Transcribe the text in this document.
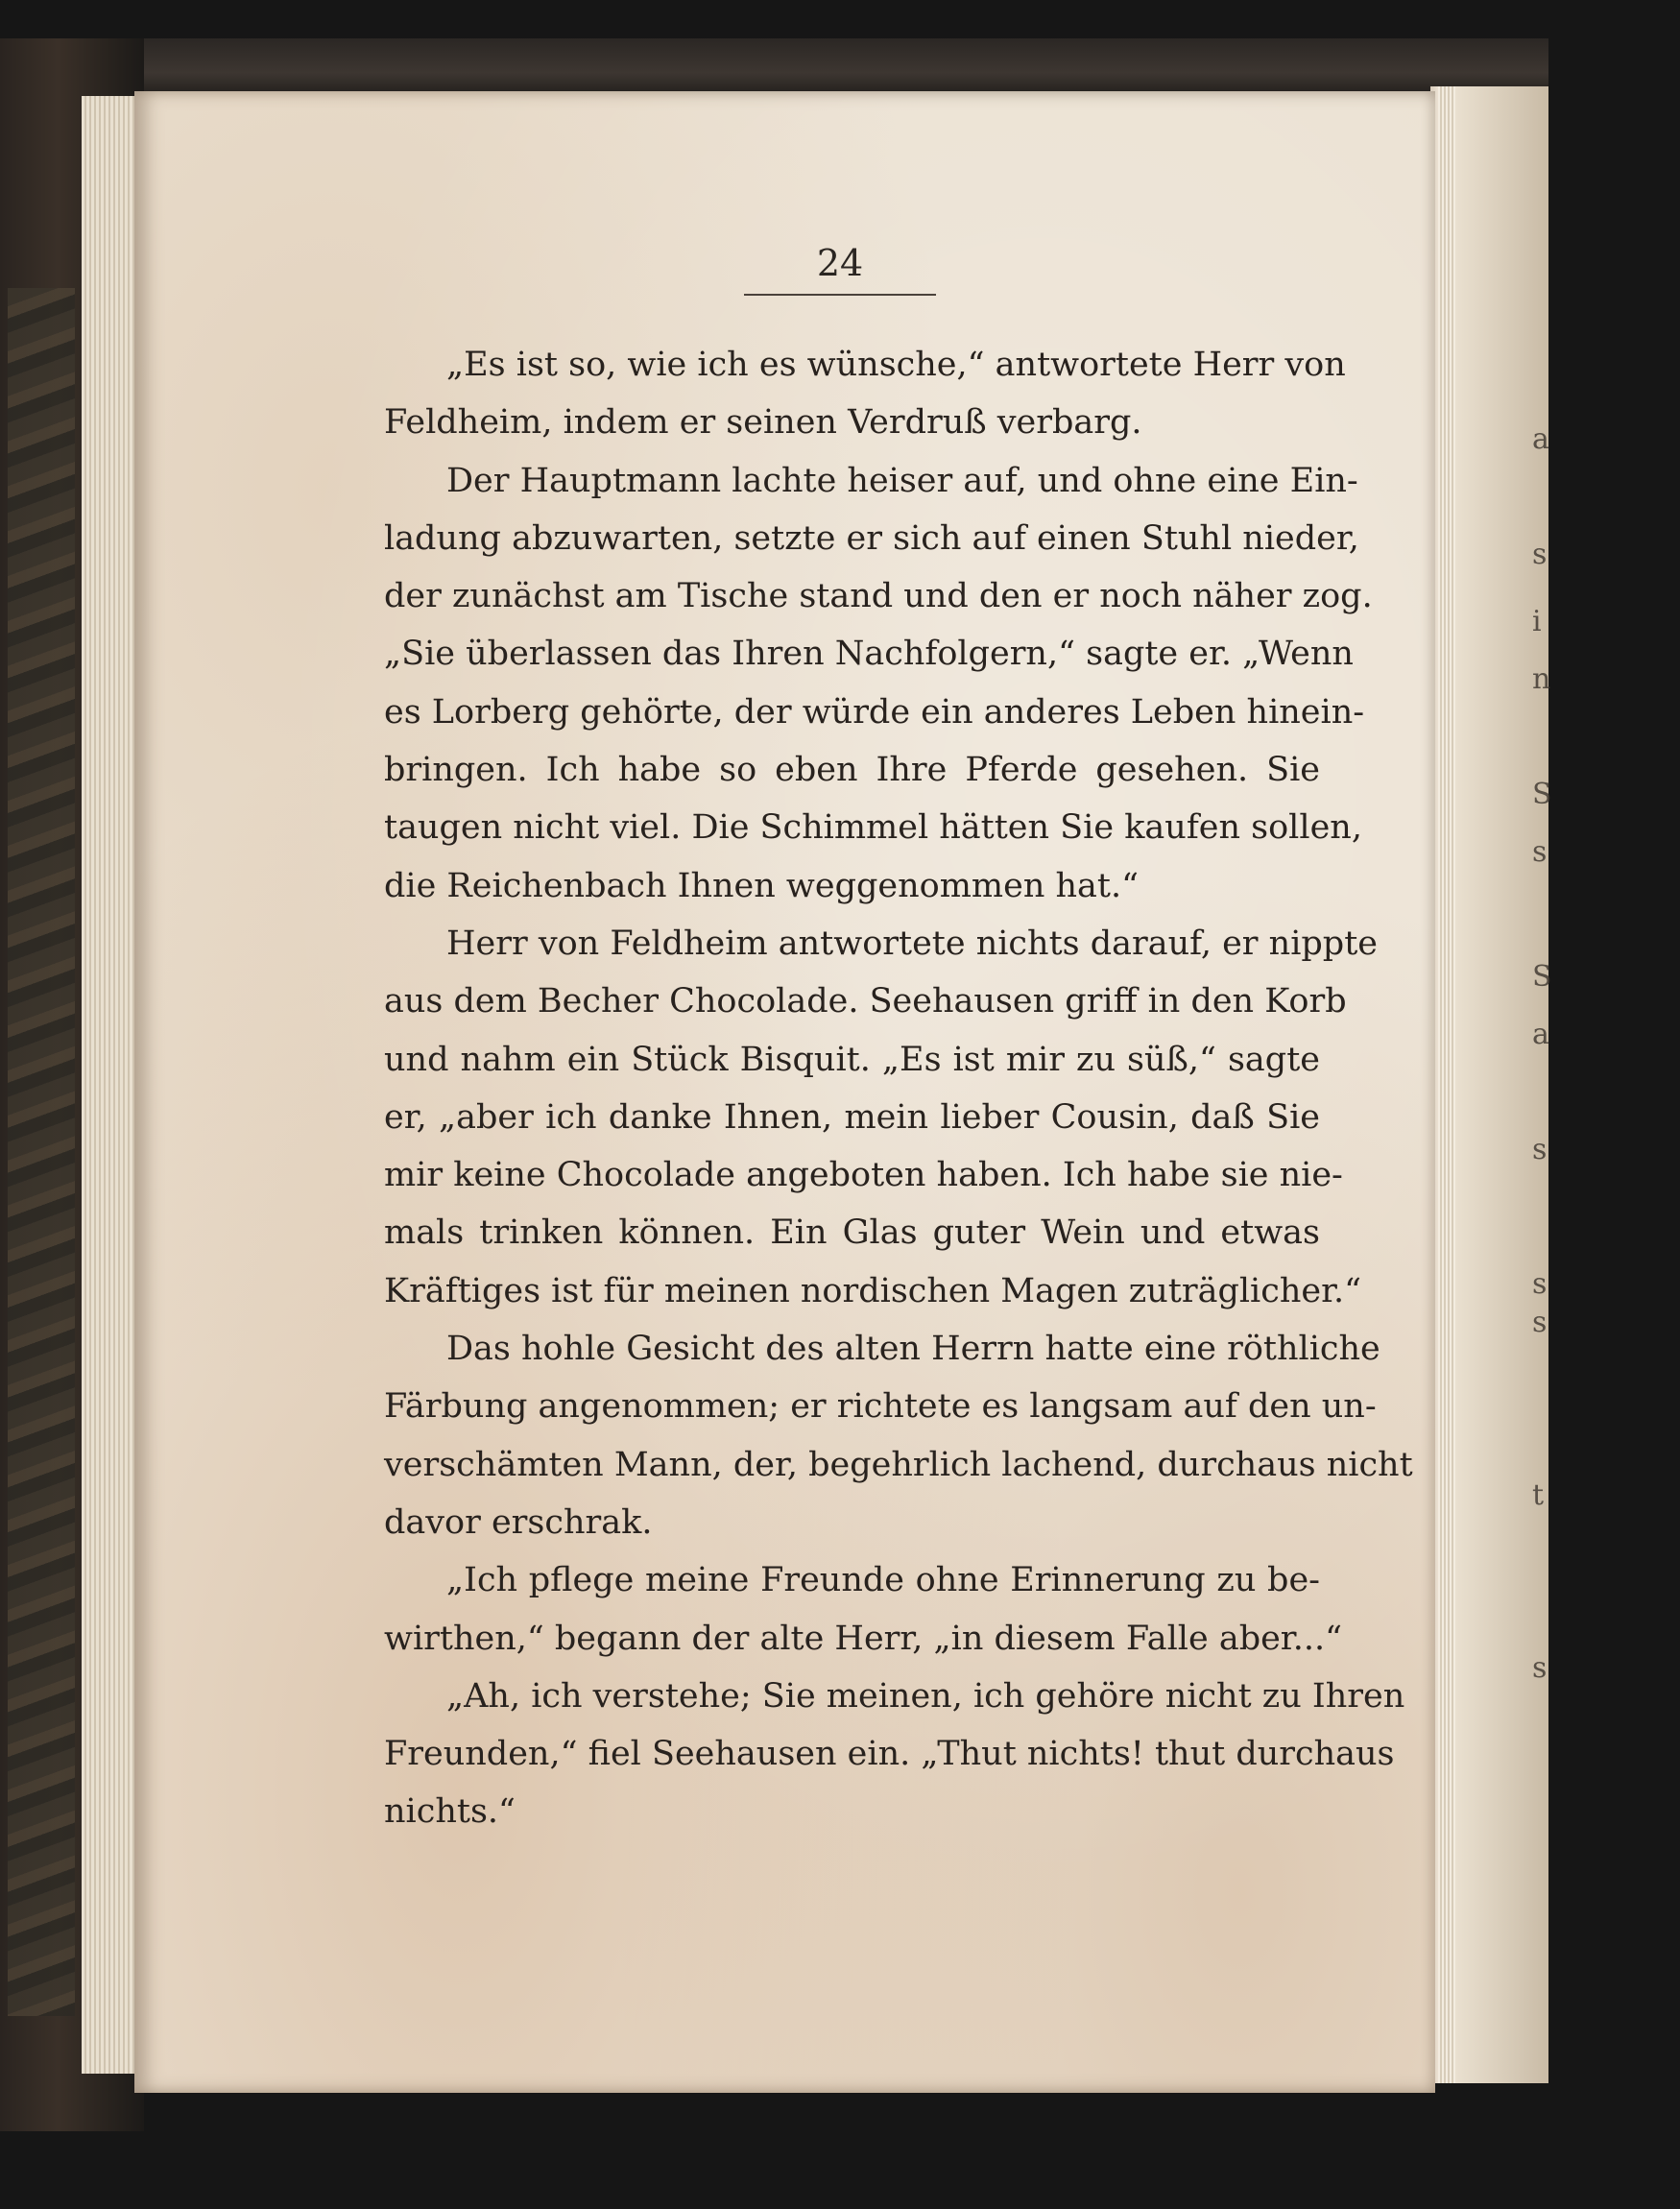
24
„Es ist so, wie ich es wünsche,“ antwortete Herr von
Feldheim, indem er seinen Verdruß verbarg.
Der Hauptmann lachte heiser auf, und ohne eine Ein-
ladung abzuwarten, setzte er sich auf einen Stuhl nieder,
der zunächst am Tische stand und den er noch näher zog.
„Sie überlassen das Ihren Nachfolgern,“ sagte er. „Wenn
es Lorberg gehörte, der würde ein anderes Leben hinein-
bringen. Ich habe so eben Ihre Pferde gesehen. Sie
taugen nicht viel. Die Schimmel hätten Sie kaufen sollen,
die Reichenbach Ihnen weggenommen hat.“
Herr von Feldheim antwortete nichts darauf, er nippte
aus dem Becher Chocolade. Seehausen griff in den Korb
und nahm ein Stück Bisquit. „Es ist mir zu süß,“ sagte
er, „aber ich danke Ihnen, mein lieber Cousin, daß Sie
mir keine Chocolade angeboten haben. Ich habe sie nie-
mals trinken können. Ein Glas guter Wein und etwas
Kräftiges ist für meinen nordischen Magen zuträglicher.“
Das hohle Gesicht des alten Herrn hatte eine röthliche
Färbung angenommen; er richtete es langsam auf den un-
verschämten Mann, der, begehrlich lachend, durchaus nicht
davor erschrak.
„Ich pflege meine Freunde ohne Erinnerung zu be-
wirthen,“ begann der alte Herr, „in diesem Falle aber...“
„Ah, ich verstehe; Sie meinen, ich gehöre nicht zu Ihren
Freunden,“ fiel Seehausen ein. „Thut nichts! thut durchaus
nichts.“
a
s
i
n
S
s
S
a
s
s
s
t
s
